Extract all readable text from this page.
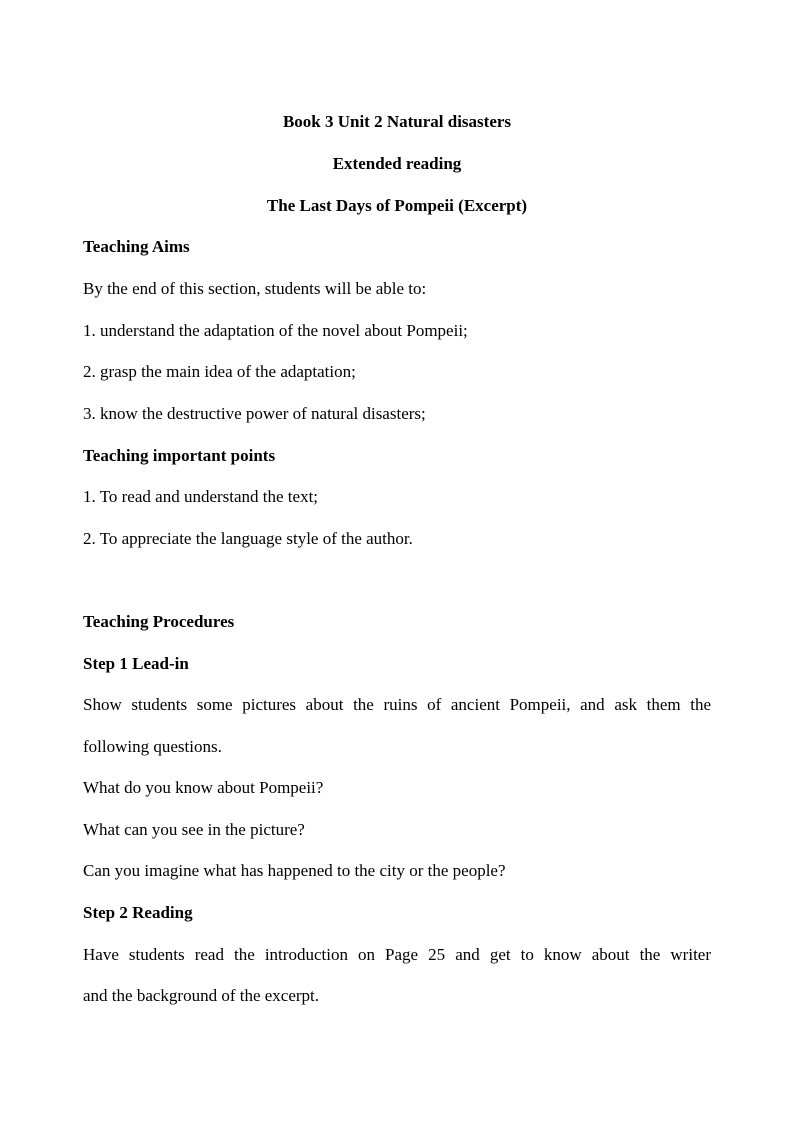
Book 3 Unit 2 Natural disasters
Extended reading
The Last Days of Pompeii (Excerpt)
Teaching Aims
By the end of this section, students will be able to:
1. understand the adaptation of the novel about Pompeii;
2. grasp the main idea of the adaptation;
3. know the destructive power of natural disasters;
Teaching important points
1. To read and understand the text;
2. To appreciate the language style of the author.
Teaching Procedures
Step 1 Lead-in
Show students some pictures about the ruins of ancient Pompeii, and ask them the
following questions.
What do you know about Pompeii?
What can you see in the picture?
Can you imagine what has happened to the city or the people?
Step 2 Reading
Have students read the introduction on Page 25 and get to know about the writer
and the background of the excerpt.
